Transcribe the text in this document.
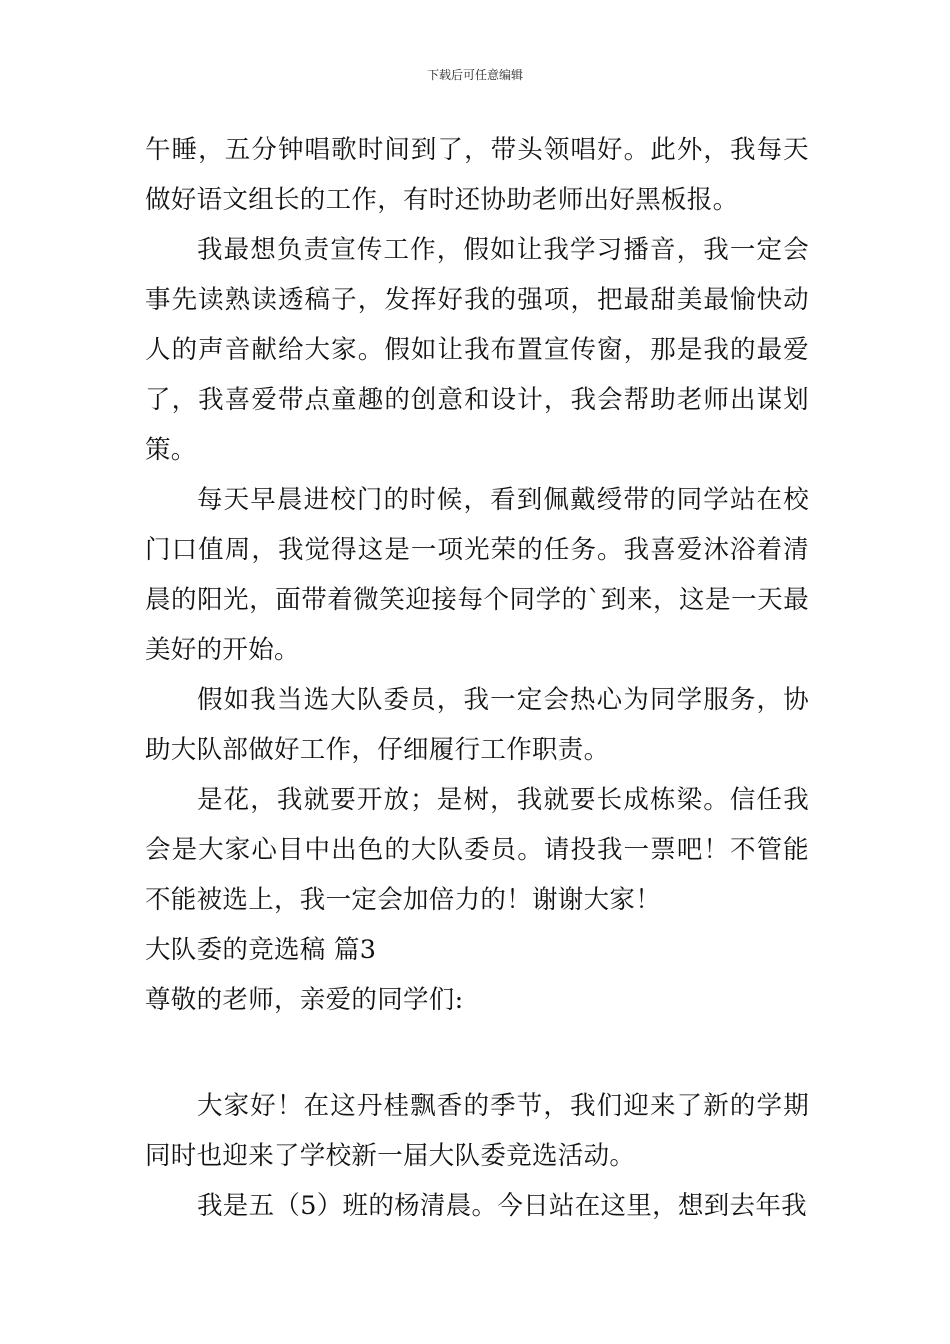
下载后可任意编辑

午睡，五分钟唱歌时间到了，带头领唱好。此外，我每天做好语文组长的工作，有时还协助老师出好黑板报。

我最想负责宣传工作，假如让我学习播音，我一定会事先读熟读透稿子，发挥好我的强项，把最甜美最愉快动人的声音献给大家。假如让我布置宣传窗，那是我的最爱了，我喜爱带点童趣的创意和设计，我会帮助老师出谋划策。

每天早晨进校门的时候，看到佩戴绶带的同学站在校门口值周，我觉得这是一项光荣的任务。我喜爱沐浴着清晨的阳光，面带着微笑迎接每个同学的`到来，这是一天最美好的开始。

假如我当选大队委员，我一定会热心为同学服务，协助大队部做好工作，仔细履行工作职责。

是花，我就要开放；是树，我就要长成栋梁。信任我会是大家心目中出色的大队委员。请投我一票吧！不管能不能被选上，我一定会加倍力的！谢谢大家！

大队委的竞选稿 篇3

尊敬的老师，亲爱的同学们:

大家好！在这丹桂飘香的季节，我们迎来了新的学期同时也迎来了学校新一届大队委竞选活动。

我是五（5）班的杨清晨。今日站在这里，想到去年我
